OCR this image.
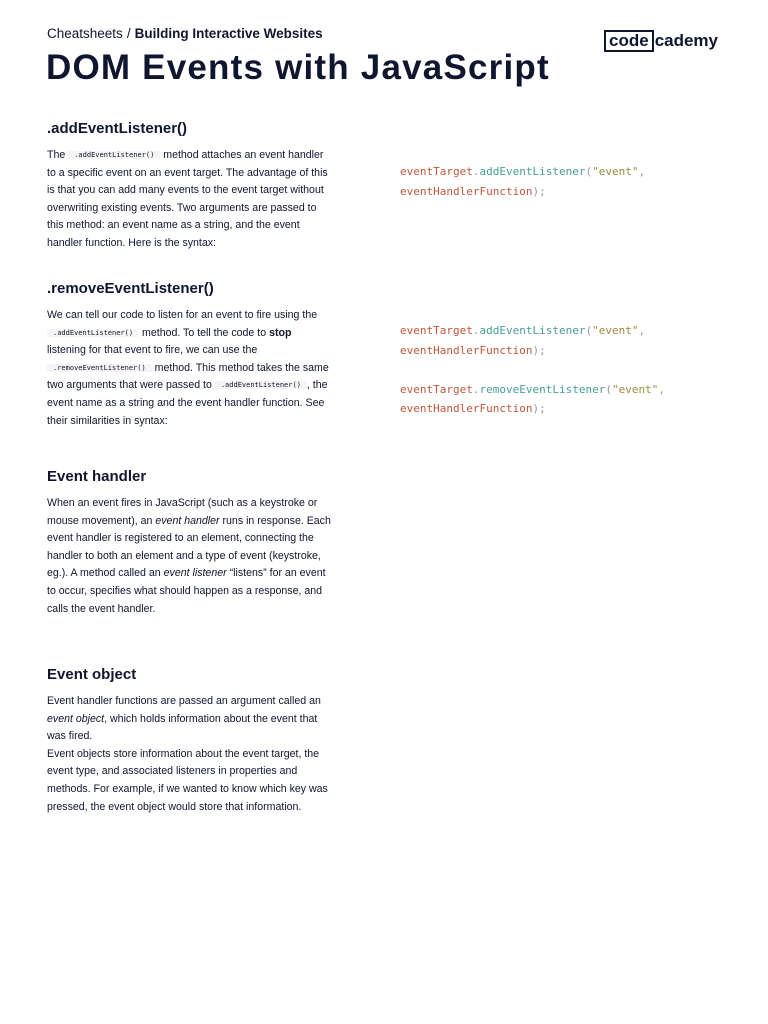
Cheatsheets / Building Interactive Websites	code cademy
DOM Events with JavaScript
.addEventListener()

The .addEventListener() method attaches an event handler to a specific event on an event target. The advantage of this is that you can add many events to the event target without overwriting existing events. Two arguments are passed to this method: an event name as a string, and the event handler function. Here is the syntax:

eventTarget.addEventListener("event",
eventHandlerFunction);
.removeEventListener()

We can tell our code to listen for an event to fire using the .addEventListener() method. To tell the code to stop listening for that event to fire, we can use the .removeEventListener() method. This method takes the same two arguments that were passed to .addEventListener() , the event name as a string and the event handler function. See their similarities in syntax:

eventTarget.addEventListener("event",
eventHandlerFunction);

eventTarget.removeEventListener("event",
eventHandlerFunction);
Event handler

When an event fires in JavaScript (such as a keystroke or mouse movement), an event handler runs in response. Each event handler is registered to an element, connecting the handler to both an element and a type of event (keystroke, eg.). A method called an event listener “listens” for an event to occur, specifies what should happen as a response, and calls the event handler.

Event object

Event handler functions are passed an argument called an event object, which holds information about the event that was fired.
Event objects store information about the event target, the event type, and associated listeners in properties and methods. For example, if we wanted to know which key was pressed, the event object would store that information.
